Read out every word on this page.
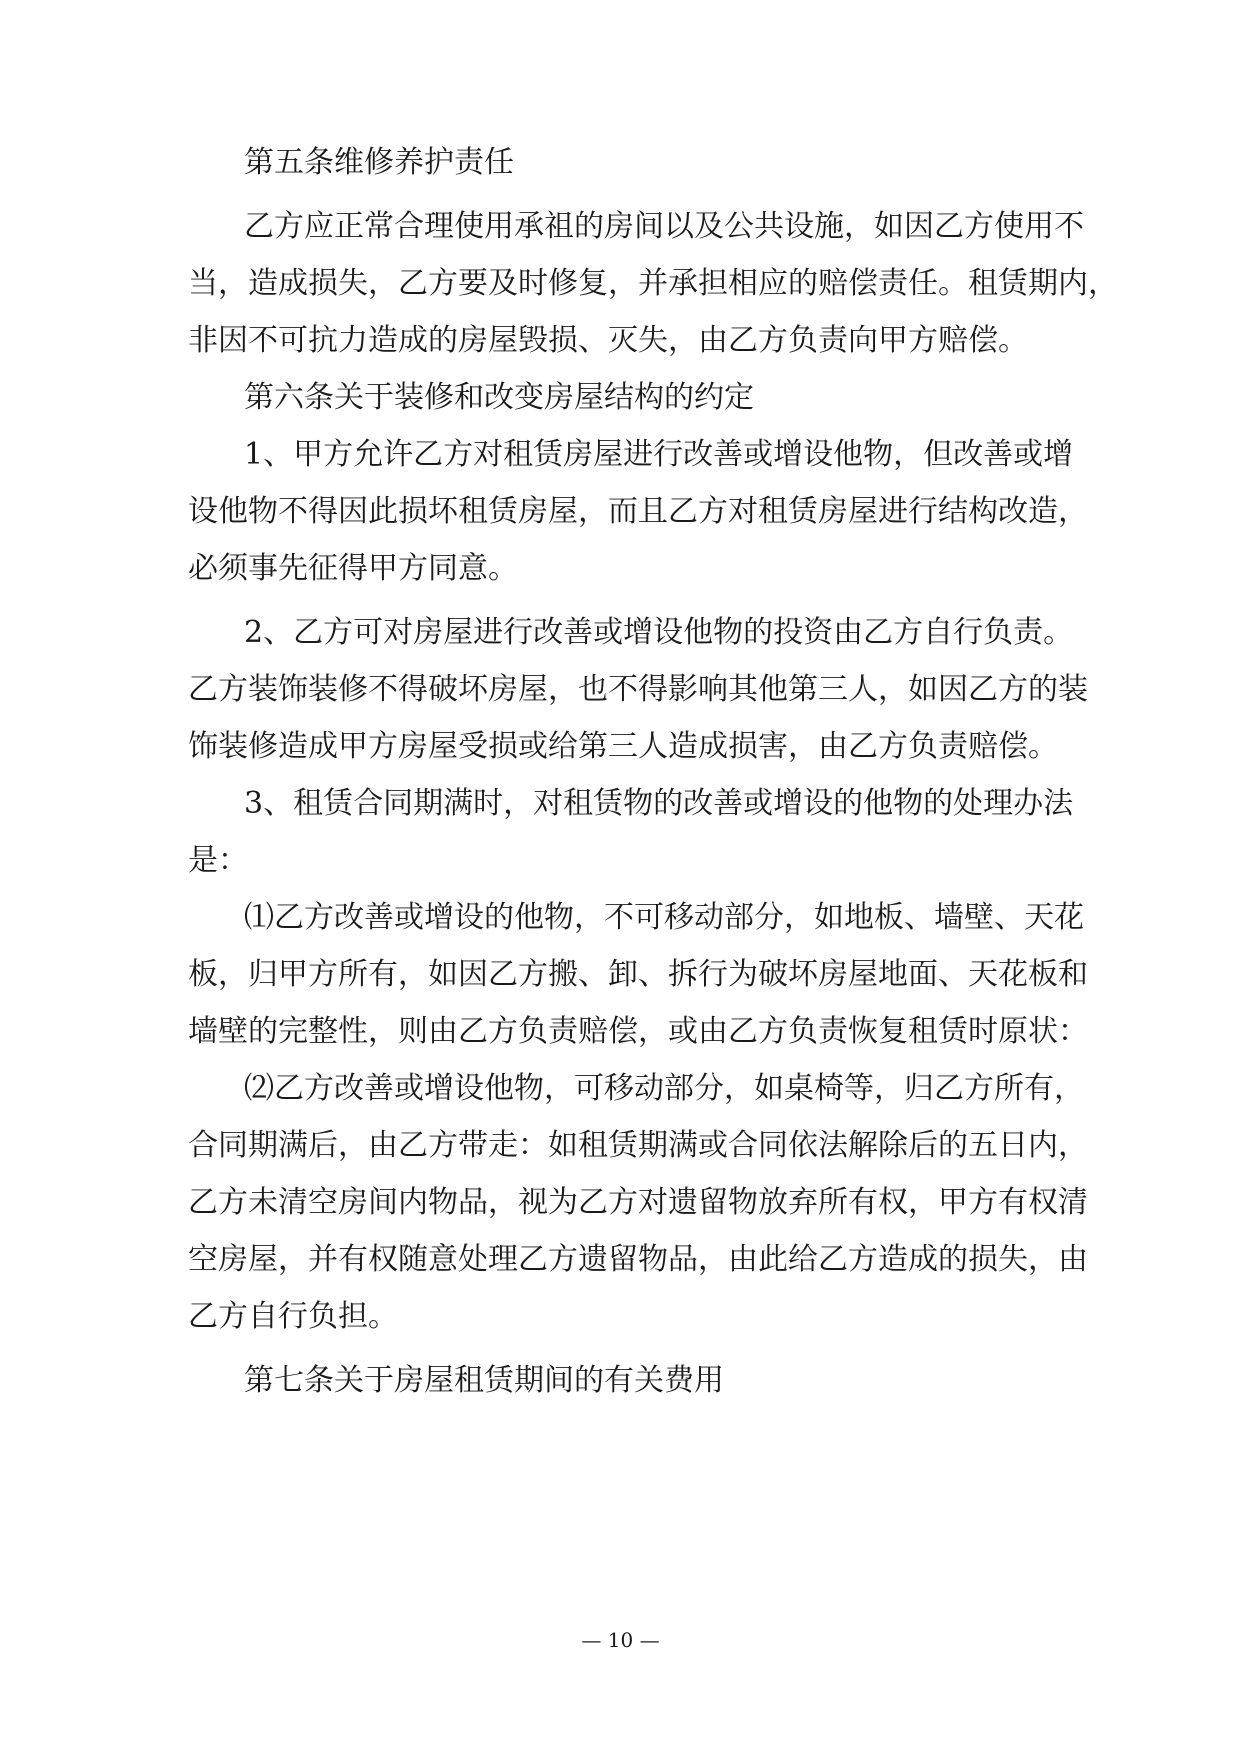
第五条维修养护责任
乙方应正常合理使用承祖的房间以及公共设施，如因乙方使用不
当，造成损失，乙方要及时修复，并承担相应的赔偿责任。租赁期内，
非因不可抗力造成的房屋毁损、灭失，由乙方负责向甲方赔偿。
第六条关于装修和改变房屋结构的约定
1、甲方允许乙方对租赁房屋进行改善或增设他物，但改善或增
设他物不得因此损坏租赁房屋，而且乙方对租赁房屋进行结构改造，
必须事先征得甲方同意。
2、乙方可对房屋进行改善或增设他物的投资由乙方自行负责。
乙方装饰装修不得破坏房屋，也不得影响其他第三人，如因乙方的装
饰装修造成甲方房屋受损或给第三人造成损害，由乙方负责赔偿。
3、租赁合同期满时，对租赁物的改善或增设的他物的处理办法
是：
⑴乙方改善或增设的他物，不可移动部分，如地板、墙壁、天花
板，归甲方所有，如因乙方搬、卸、拆行为破坏房屋地面、天花板和
墙壁的完整性，则由乙方负责赔偿，或由乙方负责恢复租赁时原状：
⑵乙方改善或增设他物，可移动部分，如桌椅等，归乙方所有，
合同期满后，由乙方带走：如租赁期满或合同依法解除后的五日内，
乙方未清空房间内物品，视为乙方对遗留物放弃所有权，甲方有权清
空房屋，并有权随意处理乙方遗留物品，由此给乙方造成的损失，由
乙方自行负担。
第七条关于房屋租赁期间的有关费用
— 10 —
